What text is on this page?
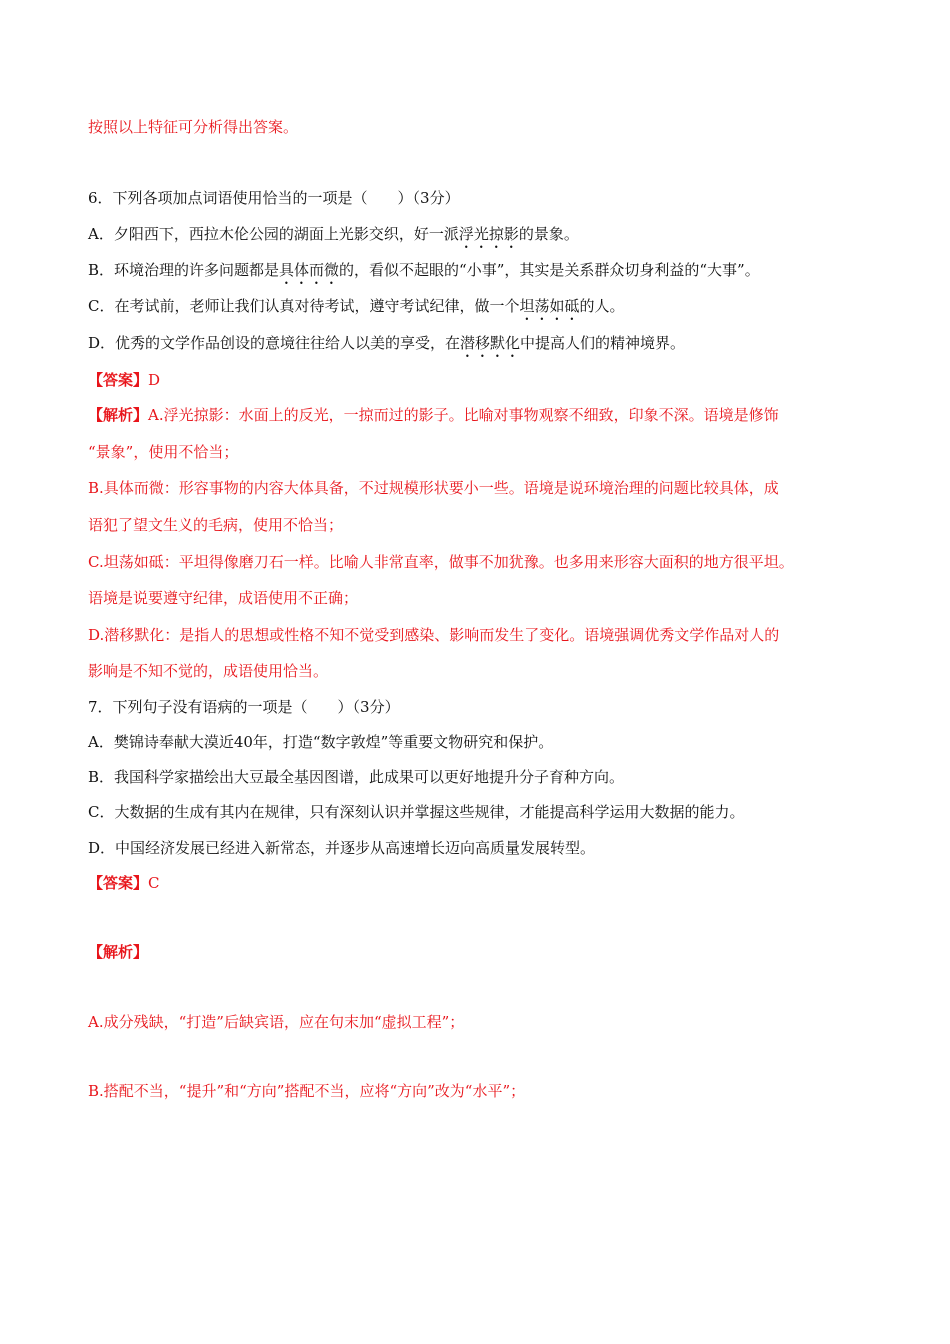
按照以上特征可分析得出答案。
6．下列各项加点词语使用恰当的一项是（　　）（3分）
A．夕阳西下，西拉木伦公园的湖面上光影交织，好一派浮光掠影的景象。
B．环境治理的许多问题都是具体而微的，看似不起眼的“小事”，其实是关系群众切身利益的“大事”。
C．在考试前，老师让我们认真对待考试，遵守考试纪律，做一个坦荡如砥的人。
D．优秀的文学作品创设的意境往往给人以美的享受，在潜移默化中提高人们的精神境界。
【答案】D
【解析】A.浮光掠影：水面上的反光，一掠而过的影子。比喻对事物观察不细致，印象不深。语境是修饰
“景象”，使用不恰当；
B.具体而微：形容事物的内容大体具备，不过规模形状要小一些。语境是说环境治理的问题比较具体，成
语犯了望文生义的毛病，使用不恰当；
C.坦荡如砥：平坦得像磨刀石一样。比喻人非常直率，做事不加犹豫。也多用来形容大面积的地方很平坦。
语境是说要遵守纪律，成语使用不正确；
D.潜移默化：是指人的思想或性格不知不觉受到感染、影响而发生了变化。语境强调优秀文学作品对人的
影响是不知不觉的，成语使用恰当。
7．下列句子没有语病的一项是（　　）（3分）
A．樊锦诗奉献大漠近40年，打造“数字敦煌”等重要文物研究和保护。
B．我国科学家描绘出大豆最全基因图谱，此成果可以更好地提升分子育种方向。
C．大数据的生成有其内在规律，只有深刻认识并掌握这些规律，才能提高科学运用大数据的能力。
D．中国经济发展已经进入新常态，并逐步从高速增长迈向高质量发展转型。
【答案】C
【解析】
A.成分残缺，“打造”后缺宾语，应在句末加“虚拟工程”；
B.搭配不当，“提升”和“方向”搭配不当，应将“方向”改为“水平”；
